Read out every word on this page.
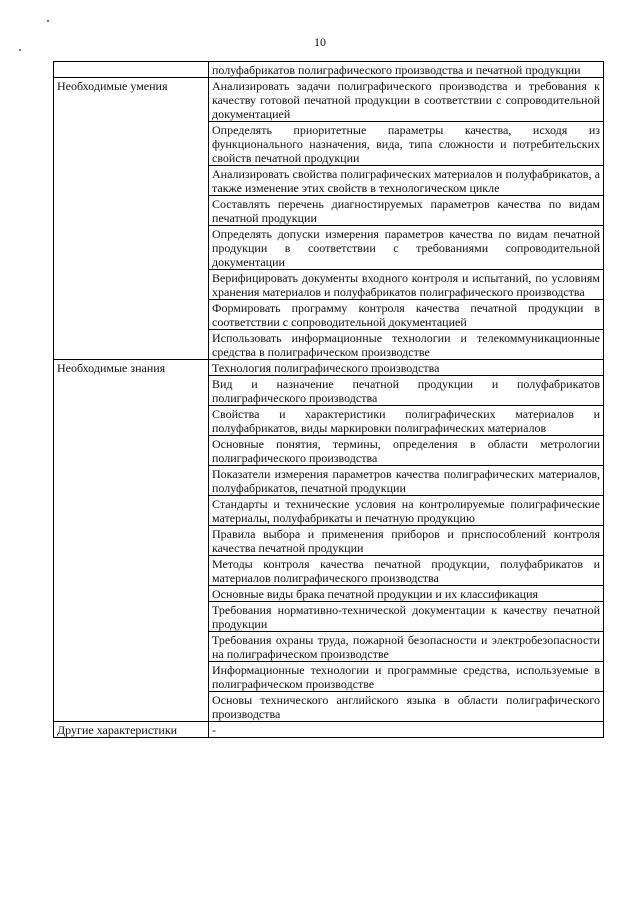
10
	полуфабрикатов полиграфического производства и печатной продукции
Необходимые умения	Анализировать задачи полиграфического производства и требования к качеству готовой печатной продукции в соответствии с сопроводительной документацией
	Определять приоритетные параметры качества, исходя из функционального назначения, вида, типа сложности и потребительских свойств печатной продукции
	Анализировать свойства полиграфических материалов и полуфабрикатов, а также изменение этих свойств в технологическом цикле
	Составлять перечень диагностируемых параметров качества по видам печатной продукции
	Определять допуски измерения параметров качества по видам печатной продукции в соответствии с требованиями сопроводительной документации
	Верифицировать документы входного контроля и испытаний, по условиям хранения материалов и полуфабрикатов полиграфического производства
	Формировать программу контроля качества печатной продукции в соответствии с сопроводительной документацией
	Использовать информационные технологии и телекоммуникационные средства в полиграфическом производстве
Необходимые знания	Технология полиграфического производства
	Вид и назначение печатной продукции и полуфабрикатов полиграфического производства
	Свойства и характеристики полиграфических материалов и полуфабрикатов, виды маркировки полиграфических материалов
	Основные понятия, термины, определения в области метрологии полиграфического производства
	Показатели измерения параметров качества полиграфических материалов, полуфабрикатов, печатной продукции
	Стандарты и технические условия на контролируемые полиграфические материалы, полуфабрикаты и печатную продукцию
	Правила выбора и применения приборов и приспособлений контроля качества печатной продукции
	Методы контроля качества печатной продукции, полуфабрикатов и материалов полиграфического производства
	Основные виды брака печатной продукции и их классификация
	Требования нормативно-технической документации к качеству печатной продукции
	Требования охраны труда, пожарной безопасности и электробезопасности на полиграфическом производстве
	Информационные технологии и программные средства, используемые в полиграфическом производстве
	Основы технического английского языка в области полиграфического производства
Другие характеристики	-
